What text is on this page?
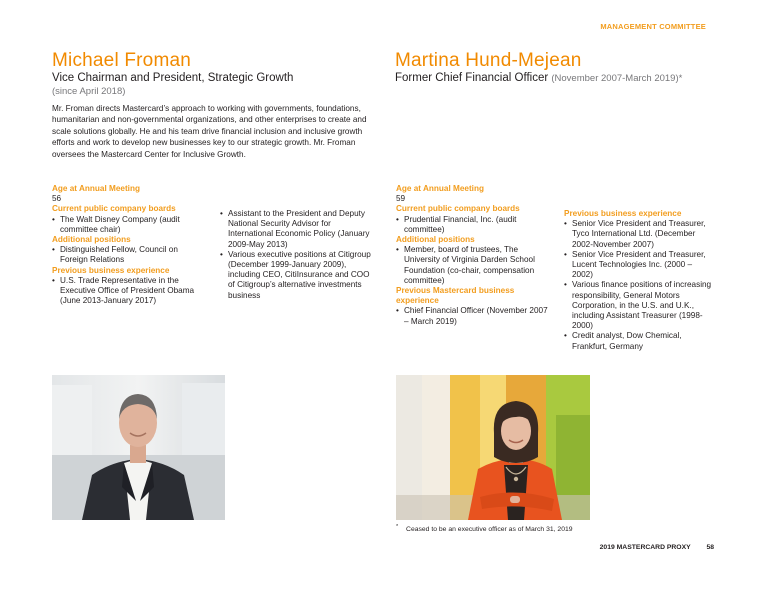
MANAGEMENT COMMITTEE
Michael Froman
Vice Chairman and President, Strategic Growth
(since April 2018)
Mr. Froman directs Mastercard’s approach to working with governments, foundations, humanitarian and non-governmental organizations, and other enterprises to create and scale solutions globally. He and his team drive financial inclusion and inclusive growth efforts and work to develop new businesses key to our strategic growth. Mr. Froman oversees the Mastercard Center for Inclusive Growth.
Age at Annual Meeting
56
Current public company boards
• The Walt Disney Company (audit committee chair)
Additional positions
• Distinguished Fellow, Council on Foreign Relations
Previous business experience
• U.S. Trade Representative in the Executive Office of President Obama (June 2013-January 2017)
• Assistant to the President and Deputy National Security Advisor for International Economic Policy (January 2009-May 2013)
• Various executive positions at Citigroup (December 1999-January 2009), including CEO, CitiInsurance and COO of Citigroup’s alternative investments business
Martina Hund-Mejean
Former Chief Financial Officer (November 2007-March 2019)*
Age at Annual Meeting
59
Current public company boards
• Prudential Financial, Inc. (audit committee)
Additional positions
• Member, board of trustees, The University of Virginia Darden School Foundation (co-chair, compensation committee)
Previous Mastercard business experience
• Chief Financial Officer (November 2007 – March 2019)
Previous business experience
• Senior Vice President and Treasurer, Tyco International Ltd. (December 2002-November 2007)
• Senior Vice President and Treasurer, Lucent Technologies Inc. (2000 – 2002)
• Various finance positions of increasing responsibility, General Motors Corporation, in the U.S. and U.K., including Assistant Treasurer (1998-2000)
• Credit analyst, Dow Chemical, Frankfurt, Germany
* Ceased to be an executive officer as of March 31, 2019
2019 MASTERCARD PROXY 58
